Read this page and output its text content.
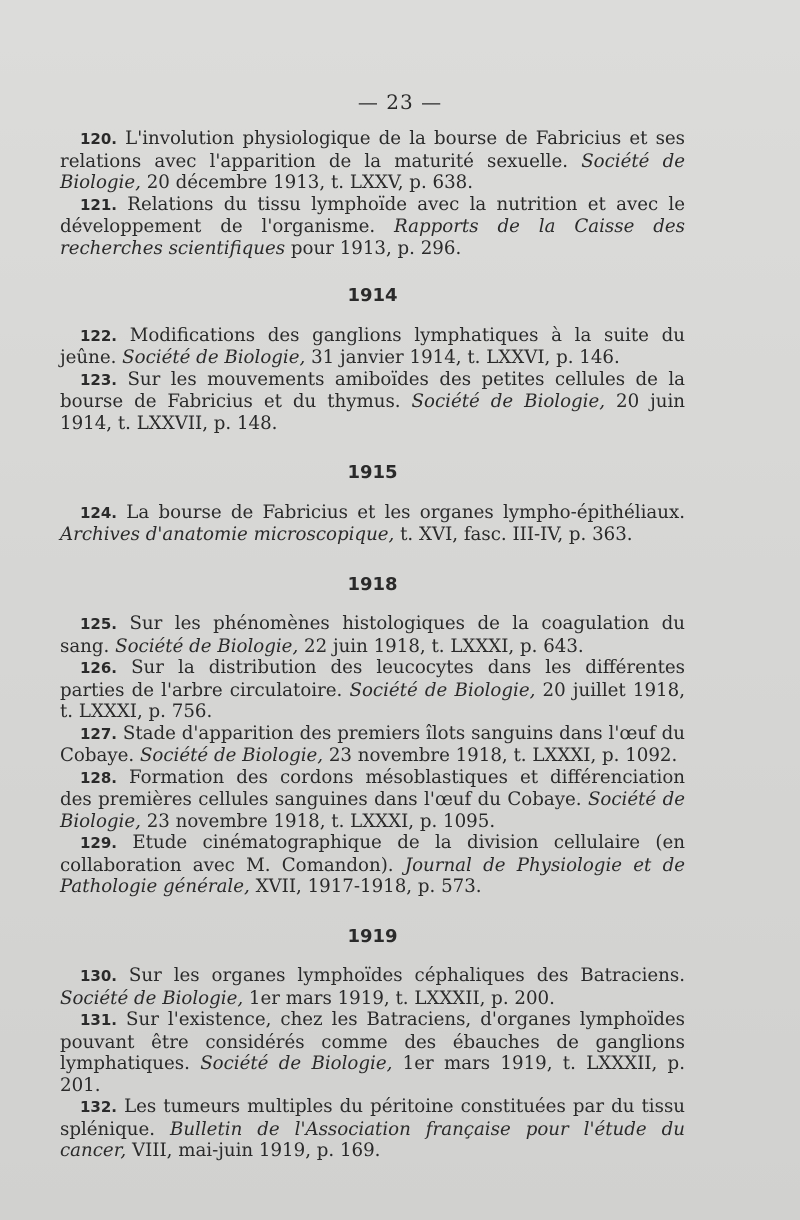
— 23 —

120. L'involution physiologique de la bourse de Fabricius et ses relations avec l'apparition de la maturité sexuelle. Société de Biologie, 20 décembre 1913, t. LXXV, p. 638.

121. Relations du tissu lymphoïde avec la nutrition et avec le développement de l'organisme. Rapports de la Caisse des recherches scientifiques pour 1913, p. 296.

1914

122. Modifications des ganglions lymphatiques à la suite du jeûne. Société de Biologie, 31 janvier 1914, t. LXXVI, p. 146.

123. Sur les mouvements amiboïdes des petites cellules de la bourse de Fabricius et du thymus. Société de Biologie, 20 juin 1914, t. LXXVII, p. 148.

1915

124. La bourse de Fabricius et les organes lympho-épithéliaux. Archives d'anatomie microscopique, t. XVI, fasc. III-IV, p. 363.

1918

125. Sur les phénomènes histologiques de la coagulation du sang. Société de Biologie, 22 juin 1918, t. LXXXI, p. 643.

126. Sur la distribution des leucocytes dans les différentes parties de l'arbre circulatoire. Société de Biologie, 20 juillet 1918, t. LXXXI, p. 756.

127. Stade d'apparition des premiers îlots sanguins dans l'œuf du Cobaye. Société de Biologie, 23 novembre 1918, t. LXXXI, p. 1092.

128. Formation des cordons mésoblastiques et différenciation des premières cellules sanguines dans l'œuf du Cobaye. Société de Biologie, 23 novembre 1918, t. LXXXI, p. 1095.

129. Etude cinématographique de la division cellulaire (en collaboration avec M. Comandon). Journal de Physiologie et de Pathologie générale, XVII, 1917-1918, p. 573.

1919

130. Sur les organes lymphoïdes céphaliques des Batraciens. Société de Biologie, 1er mars 1919, t. LXXXII, p. 200.

131. Sur l'existence, chez les Batraciens, d'organes lymphoïdes pouvant être considérés comme des ébauches de ganglions lymphatiques. Société de Biologie, 1er mars 1919, t. LXXXII, p. 201.

132. Les tumeurs multiples du péritoine constituées par du tissu splénique. Bulletin de l'Association française pour l'étude du cancer, VIII, mai-juin 1919, p. 169.
